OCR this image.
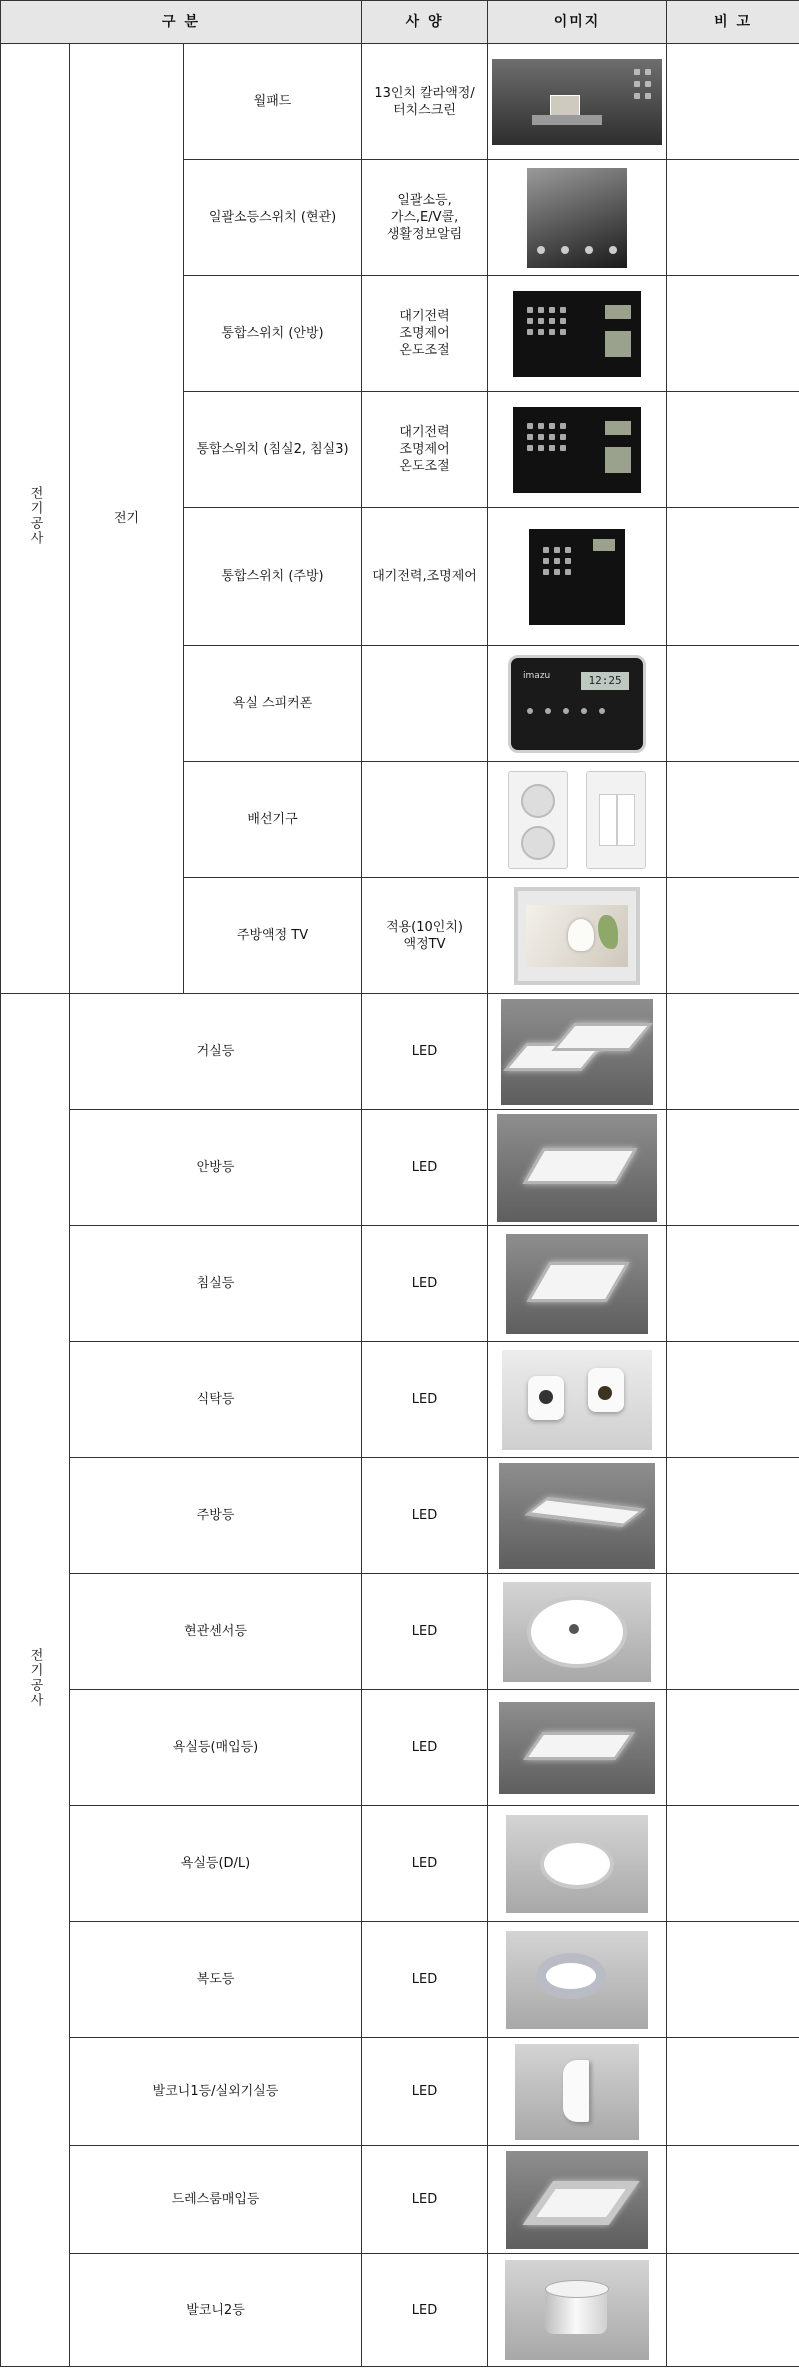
구 분			사 양	이미지	비 고
전기공사	전기	월패드	13인치 칼라액정/
터치스크린		

		일괄소등스위치 (현관)	일괄소등,
가스,E/V콜,
생활정보알림		

		통합스위치 (안방)	대기전력
조명제어
온도조절		

		통합스위치 (침실2, 침실3)	대기전력
조명제어
온도조절		

		통합스위치 (주방)	대기전력,조명제어		

		욕실 스피커폰		imazu 12:25	

		배선기구		

		주방액정 TV	적용(10인치)
액정TV		

전기공사	거실등		LED	

	안방등		LED	

	침실등		LED	

	식탁등		LED	

	주방등		LED	

	현관센서등		LED	

	욕실등(매입등)		LED	

	욕실등(D/L)		LED	

	복도등		LED	

	발코니1등/실외기실등		LED	

	드레스룸매입등		LED	

	발코니2등		LED	
